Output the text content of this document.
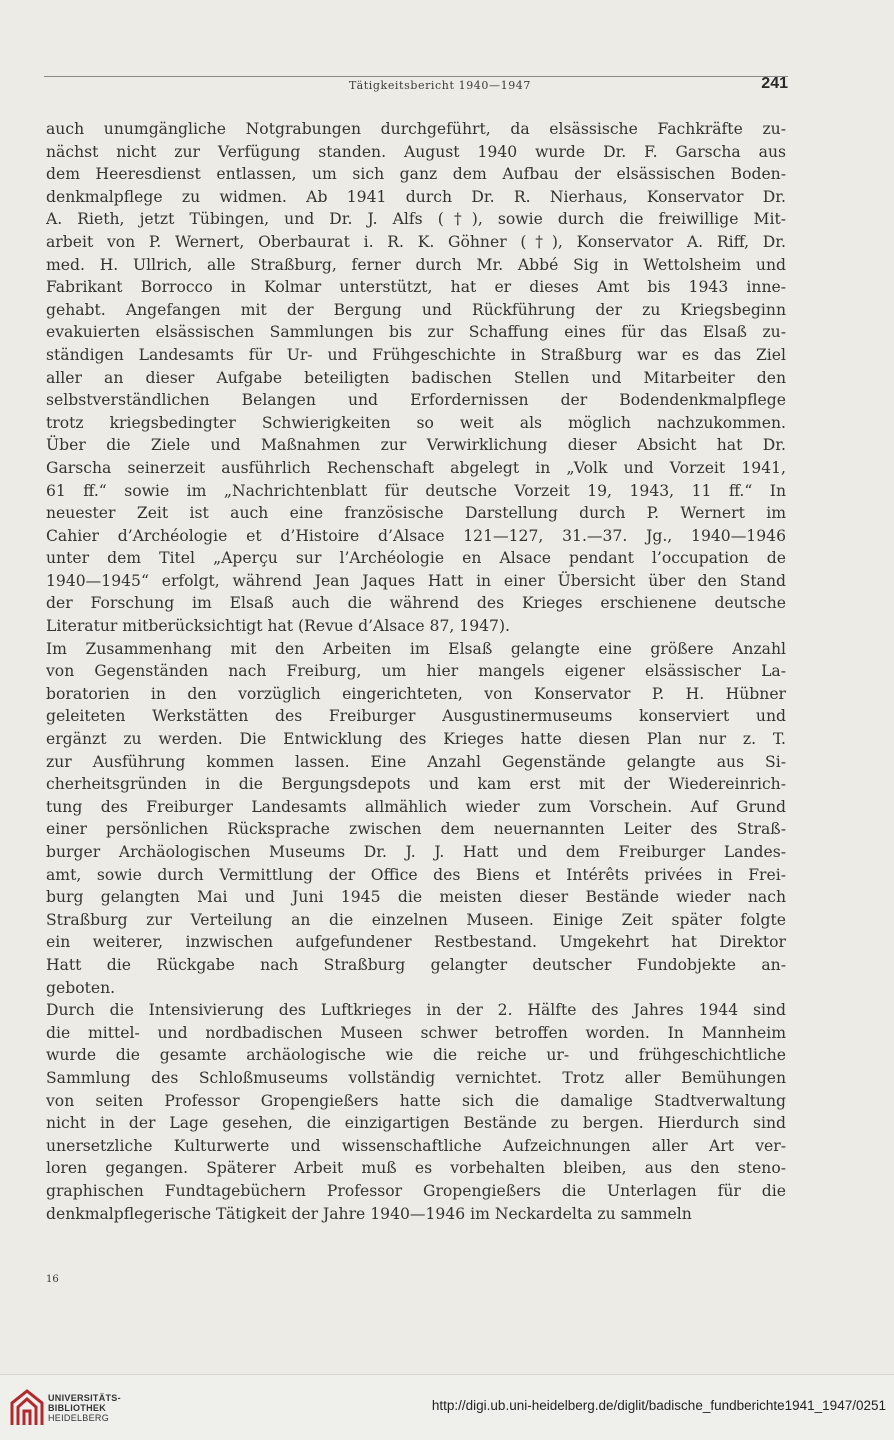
Tätigkeitsbericht 1940—1947	241
auch unumgängliche Notgrabungen durchgeführt, da elsässische Fachkräfte zu-
nächst nicht zur Verfügung standen. August 1940 wurde Dr. F. Garscha aus
dem Heeresdienst entlassen, um sich ganz dem Aufbau der elsässischen Boden-
denkmalpflege zu widmen. Ab 1941 durch Dr. R. Nierhaus, Konservator Dr.
A. Rieth, jetzt Tübingen, und Dr. J. Alfs (†), sowie durch die freiwillige Mit-
arbeit von P. Wernert, Oberbaurat i. R. K. Göhner (†), Konservator A. Riff, Dr.
med. H. Ullrich, alle Straßburg, ferner durch Mr. Abbé Sig in Wettolsheim und
Fabrikant Borrocco in Kolmar unterstützt, hat er dieses Amt bis 1943 inne-
gehabt. Angefangen mit der Bergung und Rückführung der zu Kriegsbeginn
evakuierten elsässischen Sammlungen bis zur Schaffung eines für das Elsaß zu-
ständigen Landesamts für Ur- und Frühgeschichte in Straßburg war es das Ziel
aller an dieser Aufgabe beteiligten badischen Stellen und Mitarbeiter den
selbstverständlichen Belangen und Erfordernissen der Bodendenkmalpflege
trotz kriegsbedingter Schwierigkeiten so weit als möglich nachzukommen.
Über die Ziele und Maßnahmen zur Verwirklichung dieser Absicht hat Dr.
Garscha seinerzeit ausführlich Rechenschaft abgelegt in „Volk und Vorzeit 1941,
61 ff.“ sowie im „Nachrichtenblatt für deutsche Vorzeit 19, 1943, 11 ff.“ In
neuester Zeit ist auch eine französische Darstellung durch P. Wernert im
Cahier d’Archéologie et d’Histoire d’Alsace 121—127, 31.—37. Jg., 1940—1946
unter dem Titel „Aperçu sur l’Archéologie en Alsace pendant l’occupation de
1940—1945“ erfolgt, während Jean Jaques Hatt in einer Übersicht über den Stand
der Forschung im Elsaß auch die während des Krieges erschienene deutsche
Literatur mitberücksichtigt hat (Revue d’Alsace 87, 1947).
Im Zusammenhang mit den Arbeiten im Elsaß gelangte eine größere Anzahl
von Gegenständen nach Freiburg, um hier mangels eigener elsässischer La-
boratorien in den vorzüglich eingerichteten, von Konservator P. H. Hübner
geleiteten Werkstätten des Freiburger Ausgustinermuseums konserviert und
ergänzt zu werden. Die Entwicklung des Krieges hatte diesen Plan nur z. T.
zur Ausführung kommen lassen. Eine Anzahl Gegenstände gelangte aus Si-
cherheitsgründen in die Bergungsdepots und kam erst mit der Wiedereinrich-
tung des Freiburger Landesamts allmählich wieder zum Vorschein. Auf Grund
einer persönlichen Rücksprache zwischen dem neuernannten Leiter des Straß-
burger Archäologischen Museums Dr. J. J. Hatt und dem Freiburger Landes-
amt, sowie durch Vermittlung der Office des Biens et Intérêts privées in Frei-
burg gelangten Mai und Juni 1945 die meisten dieser Bestände wieder nach
Straßburg zur Verteilung an die einzelnen Museen. Einige Zeit später folgte
ein weiterer, inzwischen aufgefundener Restbestand. Umgekehrt hat Direktor
Hatt die Rückgabe nach Straßburg gelangter deutscher Fundobjekte an-
geboten.
Durch die Intensivierung des Luftkrieges in der 2. Hälfte des Jahres 1944 sind
die mittel- und nordbadischen Museen schwer betroffen worden. In Mannheim
wurde die gesamte archäologische wie die reiche ur- und frühgeschichtliche
Sammlung des Schloßmuseums vollständig vernichtet. Trotz aller Bemühungen
von seiten Professor Gropengießers hatte sich die damalige Stadtverwaltung
nicht in der Lage gesehen, die einzigartigen Bestände zu bergen. Hierdurch sind
unersetzliche Kulturwerte und wissenschaftliche Aufzeichnungen aller Art ver-
loren gegangen. Späterer Arbeit muß es vorbehalten bleiben, aus den steno-
graphischen Fundtagebüchern Professor Gropengießers die Unterlagen für die
denkmalpflegerische Tätigkeit der Jahre 1940—1946 im Neckardelta zu sammeln
16
UNIVERSITÄTS-
BIBLIOTHEK
HEIDELBERG
http://digi.ub.uni-heidelberg.de/diglit/badische_fundberichte1941_1947/0251
